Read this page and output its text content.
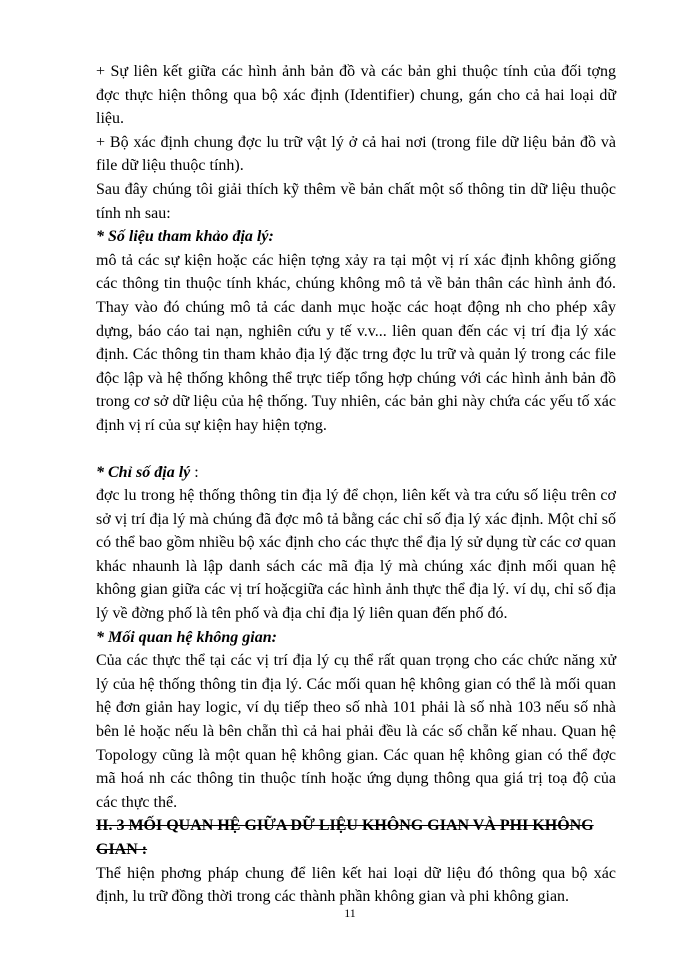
+ Sự liên kết giữa các hình ảnh bản đồ và các bản ghi thuộc tính của đối tợng đợc thực hiện thông qua bộ xác định (Identifier) chung, gán cho cả hai loại dữ liệu.

+ Bộ xác định chung đợc lu trữ vật lý ở cả hai nơi (trong file dữ liệu bản đồ và file dữ liệu thuộc tính).

Sau đây chúng tôi giải thích kỹ thêm về bản chất một số thông tin dữ liệu thuộc tính nh sau:

* Số liệu tham khảo địa lý:

mô tả các sự kiện hoặc các hiện tợng xảy ra tại một vị rí xác định không giống các thông tin thuộc tính khác, chúng không mô tả về bản thân các hình ảnh đó. Thay vào đó chúng mô tả các danh mục hoặc các hoạt động nh cho phép xây dựng, báo cáo tai nạn, nghiên cứu y tế v.v... liên quan đến các vị trí địa lý xác định. Các thông tin tham khảo địa lý đặc trng đợc lu trữ và quản lý trong các file độc lập và hệ thống không thể trực tiếp tổng hợp chúng với các hình ảnh bản đồ trong cơ sở dữ liệu của hệ thống. Tuy nhiên, các bản ghi này chứa các yếu tố xác định vị rí của sự kiện hay hiện tợng.

* Chỉ số địa lý :

đợc lu trong hệ thống thông tin địa lý để chọn, liên kết và tra cứu số liệu trên cơ sở vị trí địa lý mà chúng đã đợc mô tả bằng các chỉ số địa lý xác định. Một chỉ số có thể bao gồm nhiều bộ xác định cho các thực thể địa lý sử dụng từ các cơ quan khác nhaunh là lập danh sách các mã địa lý mà chúng xác định mối quan hệ không gian giữa các vị trí hoặcgiữa các hình ảnh thực thể địa lý. ví dụ, chỉ số địa lý về đờng phố là tên phố và địa chỉ địa lý liên quan đến phố đó.

* Mối quan hệ không gian:

Của các thực thể tại các vị trí địa lý cụ thể rất quan trọng cho các chức năng xử lý của hệ thống thông tin địa lý. Các mối quan hệ không gian có thể là mối quan hệ đơn giản hay logic, ví dụ tiếp theo số nhà 101 phải là số nhà 103 nếu số nhà bên lẻ hoặc nếu là bên chẵn thì cả hai phải đều là các số chẵn kế nhau. Quan hệ Topology cũng là một quan hệ không gian. Các quan hệ không gian có thể đợc mã hoá nh các thông tin thuộc tính hoặc ứng dụng thông qua giá trị toạ độ của các thực thể.

II. 3 MỐI QUAN HỆ GIỮA DỮ LIỆU KHÔNG GIAN VÀ PHI KHÔNG GIAN :

Thể hiện phơng pháp chung để liên kết hai loại dữ liệu đó thông qua bộ xác định, lu trữ đồng thời trong các thành phần không gian và phi không gian.

11
